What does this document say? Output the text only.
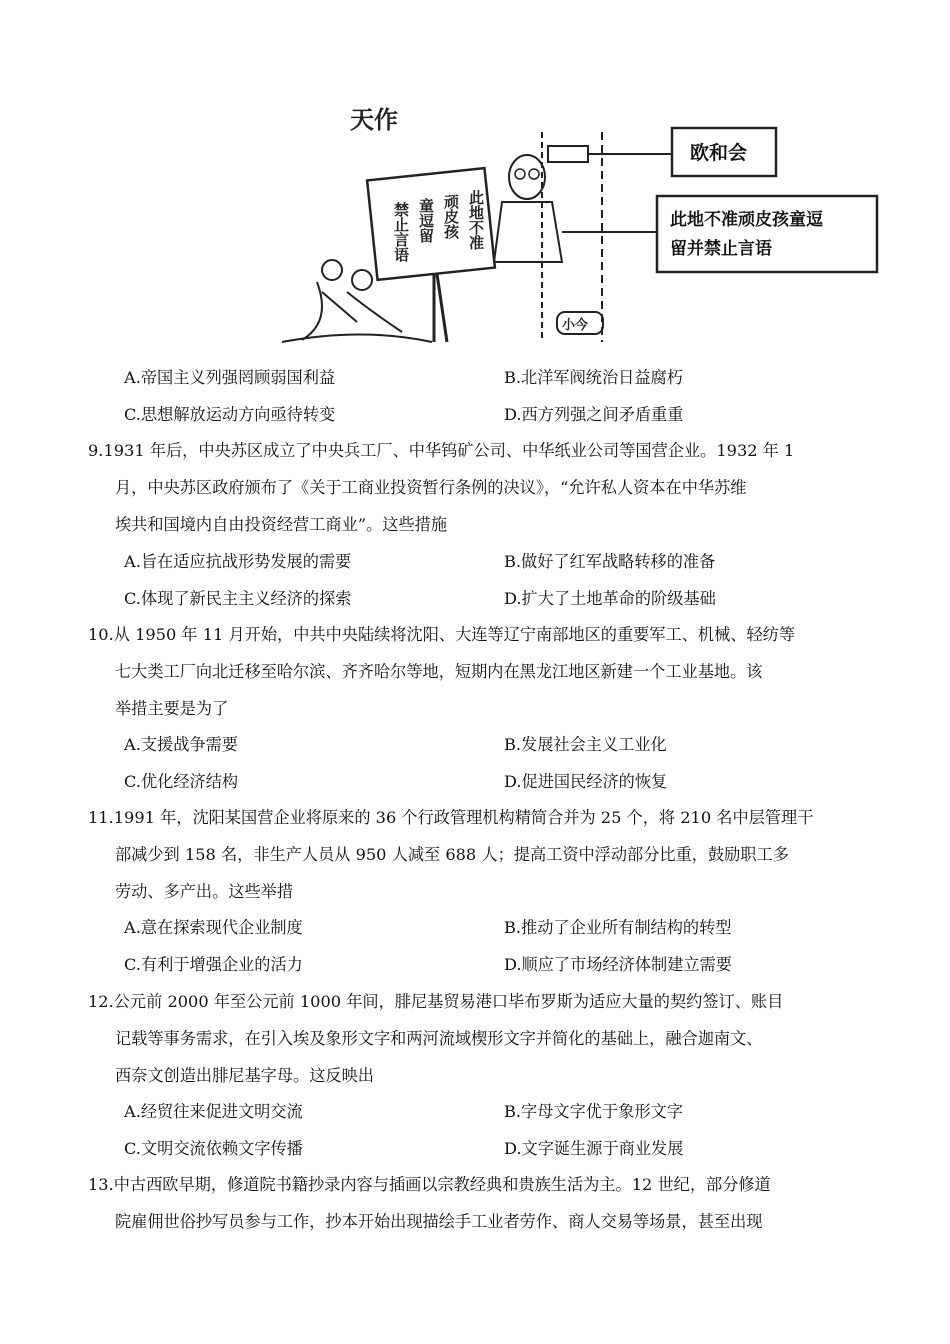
天作
此地不准
顽皮孩
童逗留
禁止言语
小今
欧和会
此地不准顽皮孩童逗
留并禁止言语
A.帝国主义列强罔顾弱国利益	B.北洋军阀统治日益腐朽
C.思想解放运动方向亟待转变	D.西方列强之间矛盾重重
9.1931 年后，中央苏区成立了中央兵工厂、中华钨矿公司、中华纸业公司等国营企业。1932 年 1
月，中央苏区政府颁布了《关于工商业投资暂行条例的决议》，“允许私人资本在中华苏维
埃共和国境内自由投资经营工商业”。这些措施
A.旨在适应抗战形势发展的需要	B.做好了红军战略转移的准备
C.体现了新民主主义经济的探索	D.扩大了土地革命的阶级基础
10.从 1950 年 11 月开始，中共中央陆续将沈阳、大连等辽宁南部地区的重要军工、机械、轻纺等
七大类工厂向北迁移至哈尔滨、齐齐哈尔等地，短期内在黑龙江地区新建一个工业基地。该
举措主要是为了
A.支援战争需要	B.发展社会主义工业化
C.优化经济结构	D.促进国民经济的恢复
11.1991 年，沈阳某国营企业将原来的 36 个行政管理机构精简合并为 25 个，将 210 名中层管理干
部减少到 158 名，非生产人员从 950 人减至 688 人；提高工资中浮动部分比重，鼓励职工多
劳动、多产出。这些举措
A.意在探索现代企业制度	B.推动了企业所有制结构的转型
C.有利于增强企业的活力	D.顺应了市场经济体制建立需要
12.公元前 2000 年至公元前 1000 年间，腓尼基贸易港口毕布罗斯为适应大量的契约签订、账目
记载等事务需求，在引入埃及象形文字和两河流域楔形文字并简化的基础上，融合迦南文、
西奈文创造出腓尼基字母。这反映出
A.经贸往来促进文明交流	B.字母文字优于象形文字
C.文明交流依赖文字传播	D.文字诞生源于商业发展
13.中古西欧早期，修道院书籍抄录内容与插画以宗教经典和贵族生活为主。12 世纪，部分修道
院雇佣世俗抄写员参与工作，抄本开始出现描绘手工业者劳作、商人交易等场景，甚至出现
